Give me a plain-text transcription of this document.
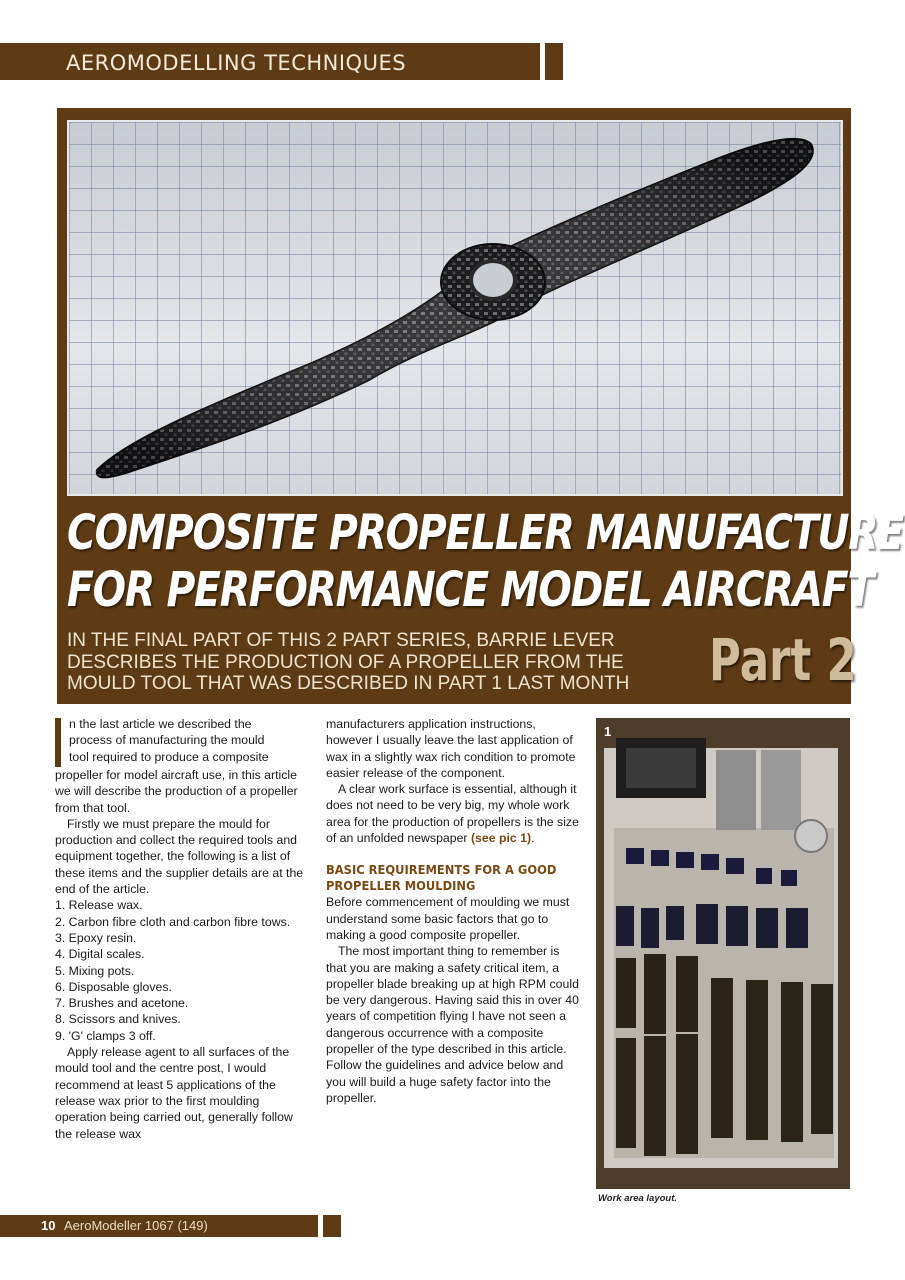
AEROMODELLING TECHNIQUES
COMPOSITE PROPELLER MANUFACTURE
FOR PERFORMANCE MODEL AIRCRAFT
IN THE FINAL PART OF THIS 2 PART SERIES, BARRIE LEVER
DESCRIBES THE PRODUCTION OF A PROPELLER FROM THE
MOULD TOOL THAT WAS DESCRIBED IN PART 1 LAST MONTH	Part 2
n the last article we described the
process of manufacturing the mould
tool required to produce a composite

propeller for model aircraft use, in this article we will describe the production of a propeller from that tool.

Firstly we must prepare the mould for production and collect the required tools and equipment together, the following is a list of these items and the supplier details are at the end of the article.

1. Release wax.
2. Carbon fibre cloth and carbon fibre tows.
3. Epoxy resin.
4. Digital scales.
5. Mixing pots.
6. Disposable gloves.
7. Brushes and acetone.
8. Scissors and knives.
9. 'G' clamps 3 off.

Apply release agent to all surfaces of the mould tool and the centre post, I would recommend at least 5 applications of the release wax prior to the first moulding operation being carried out, generally follow the release wax

manufacturers application instructions, however I usually leave the last application of wax in a slightly wax rich condition to promote easier release of the component.

A clear work surface is essential, although it does not need to be very big, my whole work area for the production of propellers is the size of an unfolded newspaper (see pic 1).

BASIC REQUIREMENTS FOR A GOOD
PROPELLER MOULDING

Before commencement of moulding we must understand some basic factors that go to making a good composite propeller.

The most important thing to remember is that you are making a safety critical item, a propeller blade breaking up at high RPM could be very dangerous. Having said this in over 40 years of competition flying I have not seen a dangerous occurrence with a composite propeller of the type described in this article. Follow the guidelines and advice below and you will build a huge safety factor into the propeller.

1
Work area layout.
10 AeroModeller 1067 (149)
